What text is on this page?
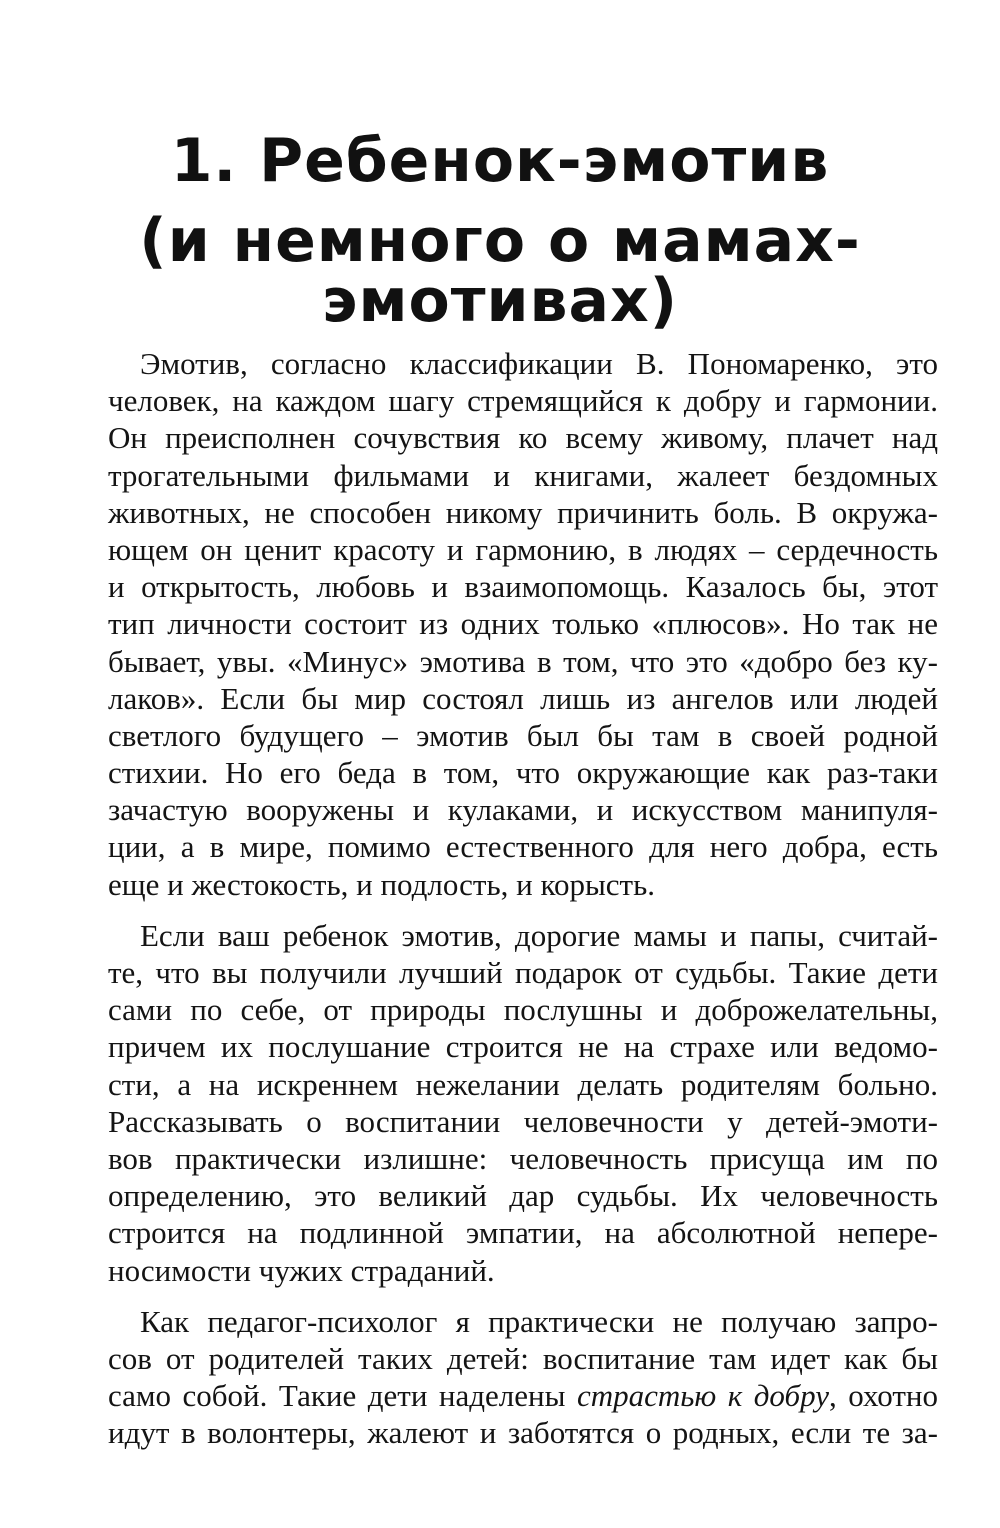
1. Ребенок-эмотив
(и немного о мамах-эмотивах)
Эмотив, согласно классификации В. Пономаренко, это
человек, на каждом шагу стремящийся к добру и гармонии.
Он преисполнен сочувствия ко всему живому, плачет над
трогательными фильмами и книгами, жалеет бездомных
животных, не способен никому причинить боль. В окружа-
ющем он ценит красоту и гармонию, в людях – сердечность
и открытость, любовь и взаимопомощь. Казалось бы, этот
тип личности состоит из одних только «плюсов». Но так не
бывает, увы. «Минус» эмотива в том, что это «добро без ку-
лаков». Если бы мир состоял лишь из ангелов или людей
светлого будущего – эмотив был бы там в своей родной
стихии. Но его беда в том, что окружающие как раз-таки
зачастую вооружены и кулаками, и искусством манипуля-
ции, а в мире, помимо естественного для него добра, есть
еще и жестокость, и подлость, и корысть.
Если ваш ребенок эмотив, дорогие мамы и папы, считай-
те, что вы получили лучший подарок от судьбы. Такие дети
сами по себе, от природы послушны и доброжелательны,
причем их послушание строится не на страхе или ведомо-
сти, а на искреннем нежелании делать родителям больно.
Рассказывать о воспитании человечности у детей-эмоти-
вов практически излишне: человечность присуща им по
определению, это великий дар судьбы. Их человечность
строится на подлинной эмпатии, на абсолютной непере-
носимости чужих страданий.
Как педагог-психолог я практически не получаю запро-
сов от родителей таких детей: воспитание там идет как бы
само собой. Такие дети наделены страстью к добру, охотно
идут в волонтеры, жалеют и заботятся о родных, если те за-
